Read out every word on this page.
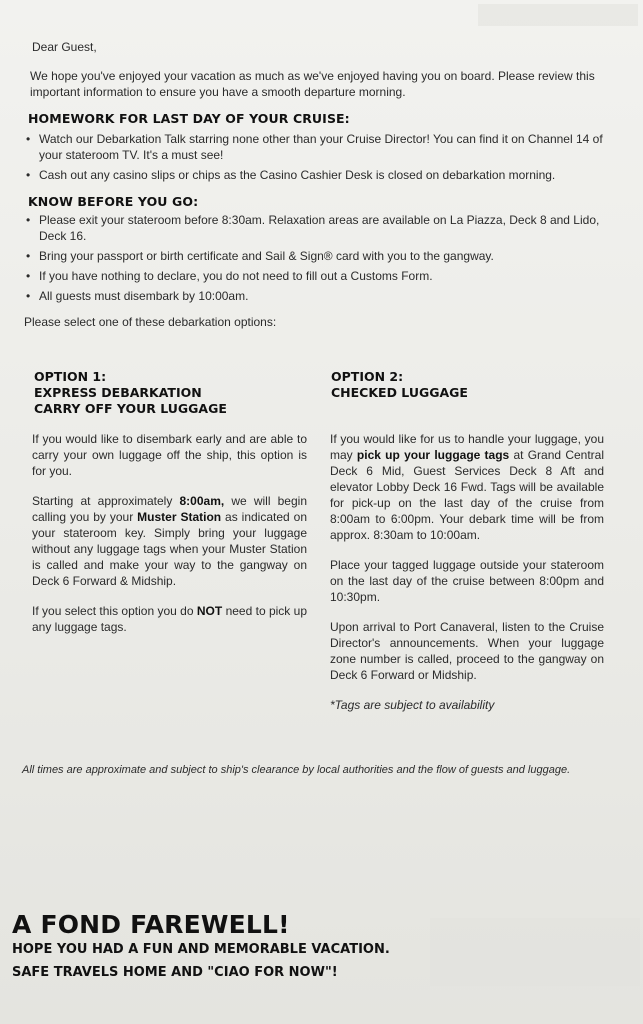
Dear Guest,
We hope you've enjoyed your vacation as much as we've enjoyed having you on board. Please review this important information to ensure you have a smooth departure morning.
HOMEWORK FOR LAST DAY OF YOUR CRUISE:
• Watch our Debarkation Talk starring none other than your Cruise Director! You can find it on Channel 14 of your stateroom TV. It's a must see!
• Cash out any casino slips or chips as the Casino Cashier Desk is closed on debarkation morning.
KNOW BEFORE YOU GO:
• Please exit your stateroom before 8:30am. Relaxation areas are available on La Piazza, Deck 8 and Lido, Deck 16.
• Bring your passport or birth certificate and Sail & Sign® card with you to the gangway.
• If you have nothing to declare, you do not need to fill out a Customs Form.
• All guests must disembark by 10:00am.
Please select one of these debarkation options:
OPTION 1:
EXPRESS DEBARKATION
CARRY OFF YOUR LUGGAGE

If you would like to disembark early and are able to carry your own luggage off the ship, this option is for you.

Starting at approximately 8:00am, we will begin calling you by your Muster Station as indicated on your stateroom key. Simply bring your luggage without any luggage tags when your Muster Station is called and make your way to the gangway on Deck 6 Forward & Midship.

If you select this option you do NOT need to pick up any luggage tags.

OPTION 2:
CHECKED LUGGAGE

If you would like for us to handle your luggage, you may pick up your luggage tags at Grand Central Deck 6 Mid, Guest Services Deck 8 Aft and elevator Lobby Deck 16 Fwd. Tags will be available for pick-up on the last day of the cruise from 8:00am to 6:00pm. Your debark time will be from approx. 8:30am to 10:00am.

Place your tagged luggage outside your stateroom on the last day of the cruise between 8:00pm and 10:30pm.

Upon arrival to Port Canaveral, listen to the Cruise Director's announcements. When your luggage zone number is called, proceed to the gangway on Deck 6 Forward or Midship.

*Tags are subject to availability

All times are approximate and subject to ship's clearance by local authorities and the flow of guests and luggage.
A FOND FAREWELL!
HOPE YOU HAD A FUN AND MEMORABLE VACATION.
SAFE TRAVELS HOME AND "CIAO FOR NOW"!
